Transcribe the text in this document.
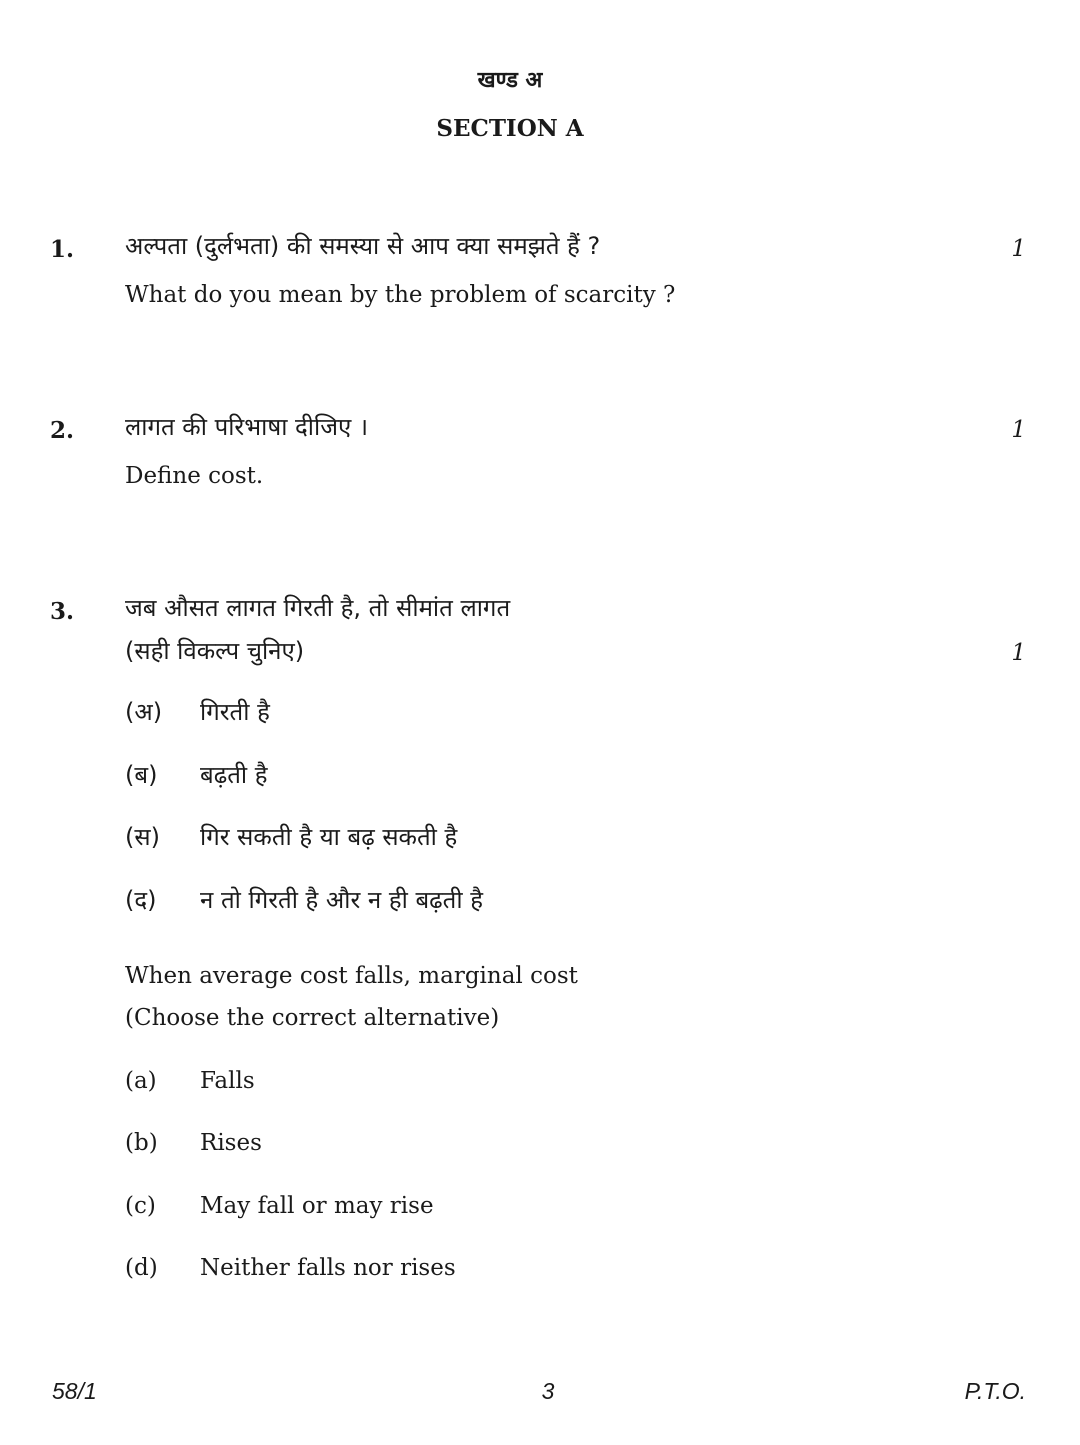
खण्ड अ
SECTION A
1. अल्पता (दुर्लभता) की समस्या से आप क्या समझते हैं ?	1
What do you mean by the problem of scarcity ?
2. लागत की परिभाषा दीजिए ।	1
Define cost.
3. जब औसत लागत गिरती है, तो सीमांत लागत
(सही विकल्प चुनिए)	1
(अ) गिरती है
(ब) बढ़ती है
(स) गिर सकती है या बढ़ सकती है
(द) न तो गिरती है और न ही बढ़ती है
When average cost falls, marginal cost
(Choose the correct alternative)
(a) Falls
(b) Rises
(c) May fall or may rise
(d) Neither falls nor rises
58/1	3	P.T.O.
